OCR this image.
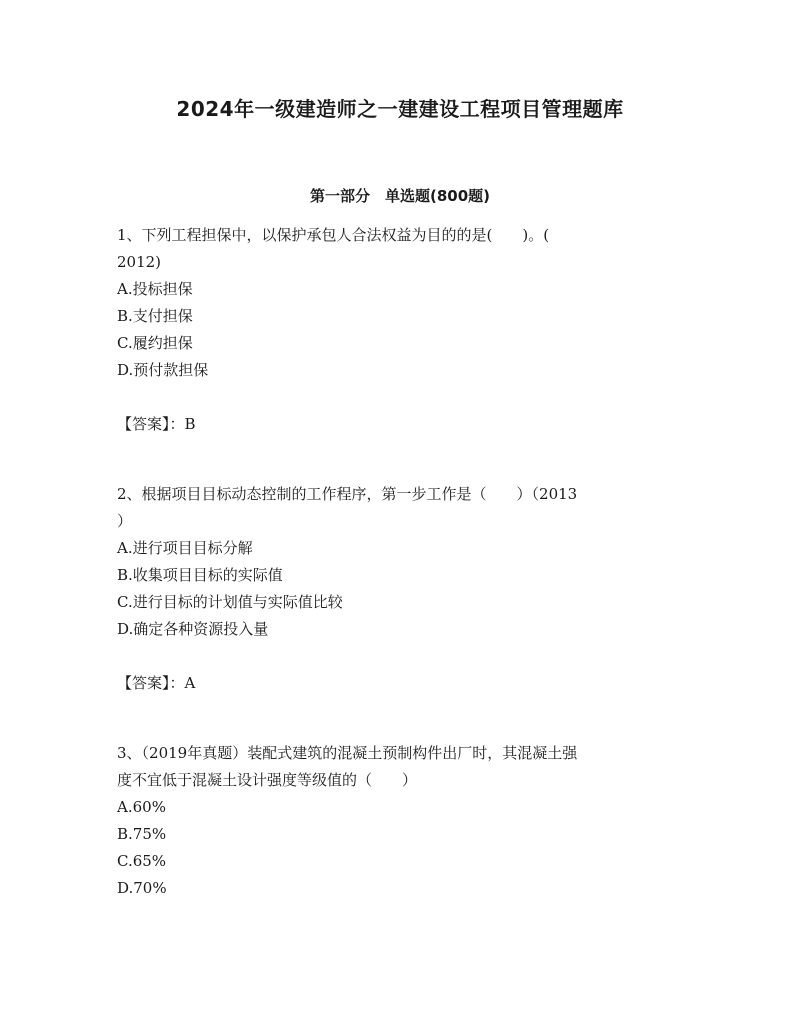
2024年一级建造师之一建建设工程项目管理题库
第一部分　单选题(800题)

1、下列工程担保中，以保护承包人合法权益为目的的是(　　)。(

2012)

A.投标担保

B.支付担保

C.履约担保

D.预付款担保

【答案】：B

2、根据项目目标动态控制的工作程序，第一步工作是（　　）（2013

）

A.进行项目目标分解

B.收集项目目标的实际值

C.进行目标的计划值与实际值比较

D.确定各种资源投入量

【答案】：A

3、（2019年真题）装配式建筑的混凝土预制构件出厂时，其混凝土强

度不宜低于混凝土设计强度等级值的（　　）

A.60%

B.75%

C.65%

D.70%
